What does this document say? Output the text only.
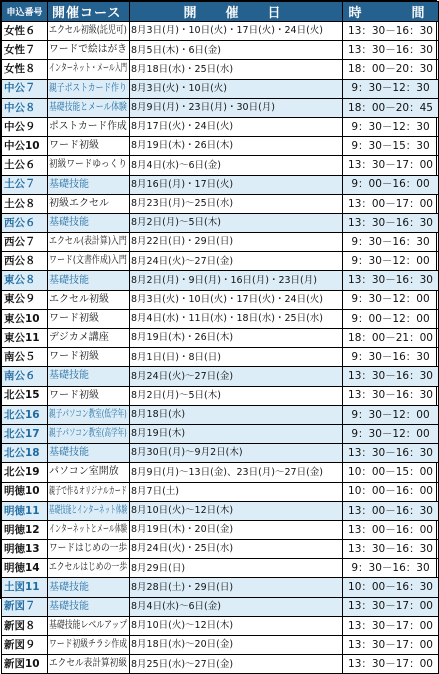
申込番号	開催コース	開　催　日	時　　間
女性６	エクセル初級(託児可)	8月3日(月)・10日(火)・17日(火)・24日(火)	13：30－16：30
女性７	ワードで絵はがき	8月5日(木)・6日(金)	13：30－16：30
女性８	インターネット・メール入門	8月18日(水)・25日(水)	18：00－20：30
中公７	親子ポストカード作り	8月3日(火)・10日(火)	9：30－12：30
中公８	基礎技能とメール体験	8月9日(月)・23日(月)・30日(月)	18：00－20：45
中公９	ポストカード作成	8月17日(火)・24日(火)	9：30－12：30
中公10	ワード初級	8月19日(木)・26日(木)	9：30－15：30
土公６	初級ワードゆっくり	8月4日(水)～6日(金)	13：30－17：00
土公７	基礎技能	8月16日(月)・17日(火)	9：00－16：00
土公８	初級エクセル	8月23日(月)～25日(水)	13：00－17：00
西公６	基礎技能	8月2日(月)～5日(木)	13：30－16：30
西公７	エクセル(表計算)入門	8月22日(日)・29日(日)	9：30－16：30
西公８	ワード(文書作成)入門	8月24日(火)～27日(金)	9：30－12：00
東公８	基礎技能	8月2日(月)・9日(月)・16日(月)・23日(月)	13：30－16：30
東公９	エクセル初級	8月3日(火)・10日(火)・17日(火)・24日(火)	9：30－12：00
東公10	ワード初級	8月4日(水)・11日(水)・18日(水)・25日(水)	9：00－12：00
東公11	デジカメ講座	8月19日(木)・26日(木)	18：00－21：00
南公５	ワード初級	8月1日(日)・8日(日)	9：30－16：30
南公６	基礎技能	8月24日(火)～27日(金)	13：30－16：30
北公15	ワード初級	8月2日(月)～5日(木)	13：30－16：30
北公16	親子パソコン教室(低学年)	8月18日(水)	9：30－12：00
北公17	親子パソコン教室(高学年)	8月19日(木)	9：30－12：00
北公18	基礎技能	8月30日(月)～9月2日(木)	13：30－16：30
北公19	パソコン室開放	8月9日(月)～13日(金)、23日(月)～27日(金)	10：00－15：00
明徳10	親子で作るオリジナルカード	8月7日(土)	10：00－16：00
明徳11	基礎技能とインターネット体験	8月10日(火)～12日(木)	13：00－16：30
明徳12	インターネットとメール体験	8月19日(木)・20日(金)	13：00－16：00
明徳13	ワードはじめの一歩	8月24日(火)・25日(水)	13：30－16：30
明徳14	エクセルはじめの一歩	8月29日(日)	9：30－16：30
土図11	基礎技能	8月28日(土)・29日(日)	10：00－16：30
新図７	基礎技能	8月4日(水)～6日(金)	13：30－17：00
新図８	基礎技能レベルアップ	8月10日(火)～12日(木)	13：30－17：00
新図９	ワード初級チラシ作成	8月18日(水)～20日(金)	13：30－17：00
新図10	エクセル表計算初級	8月25日(水)～27日(金)	13：30－17：00
